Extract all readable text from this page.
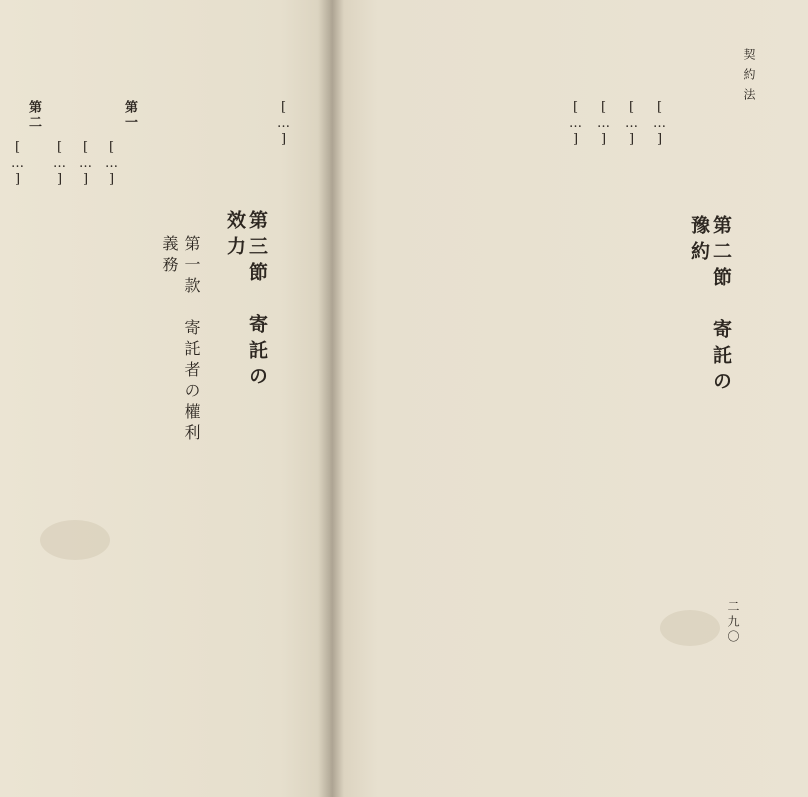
契約法
二九〇
第二節　寄託の豫約
[…]
[…]
[…]
[…]
[…]
第三節　寄託の效力
第一款　寄託者の權利義務
第一
[…]
[…]
[…]
第二
[…]
